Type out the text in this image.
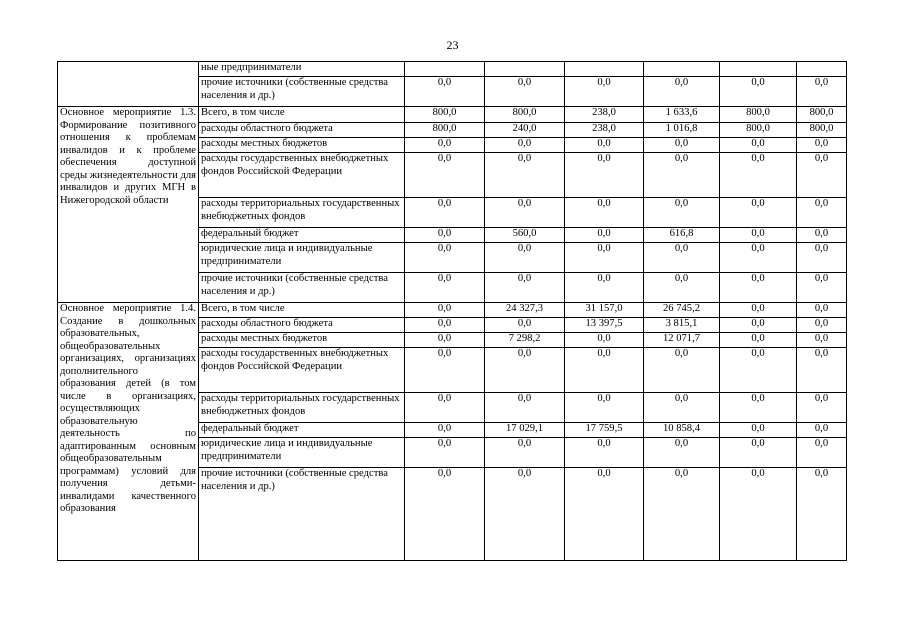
23
	ные предприниматели							
	прочие источники (собственные средства населения и др.)	0,0	0,0	0,0	0,0	0,0	0,0	
Основное мероприятие 1.3. Формирование позитивного отношения к проблемам инвалидов и к проблеме обеспечения доступной среды жизнедеятельности для инвалидов и других МГН в Нижегородской области	Всего, в том числе	800,0	800,0	238,0	1 633,6	800,0	800,0	
	расходы областного бюджета	800,0	240,0	238,0	1 016,8	800,0	800,0	
	расходы местных бюджетов	0,0	0,0	0,0	0,0	0,0	0,0	
	расходы государственных внебюджетных фондов Российской Федерации	0,0	0,0	0,0	0,0	0,0	0,0	
	расходы территориальных государственных внебюджетных фондов	0,0	0,0	0,0	0,0	0,0	0,0	
	федеральный бюджет	0,0	560,0	0,0	616,8	0,0	0,0	
	юридические лица и индивидуальные предприниматели	0,0	0,0	0,0	0,0	0,0	0,0	
	прочие источники (собственные средства населения и др.)	0,0	0,0	0,0	0,0	0,0	0,0	
Основное мероприятие 1.4. Создание в дошкольных образовательных, общеобразовательных организациях, организациях дополнительного образования детей (в том числе в организациях, осуществляющих образовательную деятельность по адаптированным основным общеобразовательным программам) условий для получения детьми-инвалидами качественного образования	Всего, в том числе	0,0	24 327,3	31 157,0	26 745,2	0,0	0,0	
	расходы областного бюджета	0,0	0,0	13 397,5	3 815,1	0,0	0,0	
	расходы местных бюджетов	0,0	7 298,2	0,0	12 071,7	0,0	0,0	
	расходы государственных внебюджетных фондов Российской Федерации	0,0	0,0	0,0	0,0	0,0	0,0	
	расходы территориальных государственных внебюджетных фондов	0,0	0,0	0,0	0,0	0,0	0,0	
	федеральный бюджет	0,0	17 029,1	17 759,5	10 858,4	0,0	0,0	
	юридические лица и индивидуальные предприниматели	0,0	0,0	0,0	0,0	0,0	0,0	
	прочие источники (собственные средства населения и др.)	0,0	0,0	0,0	0,0	0,0	0,0	
